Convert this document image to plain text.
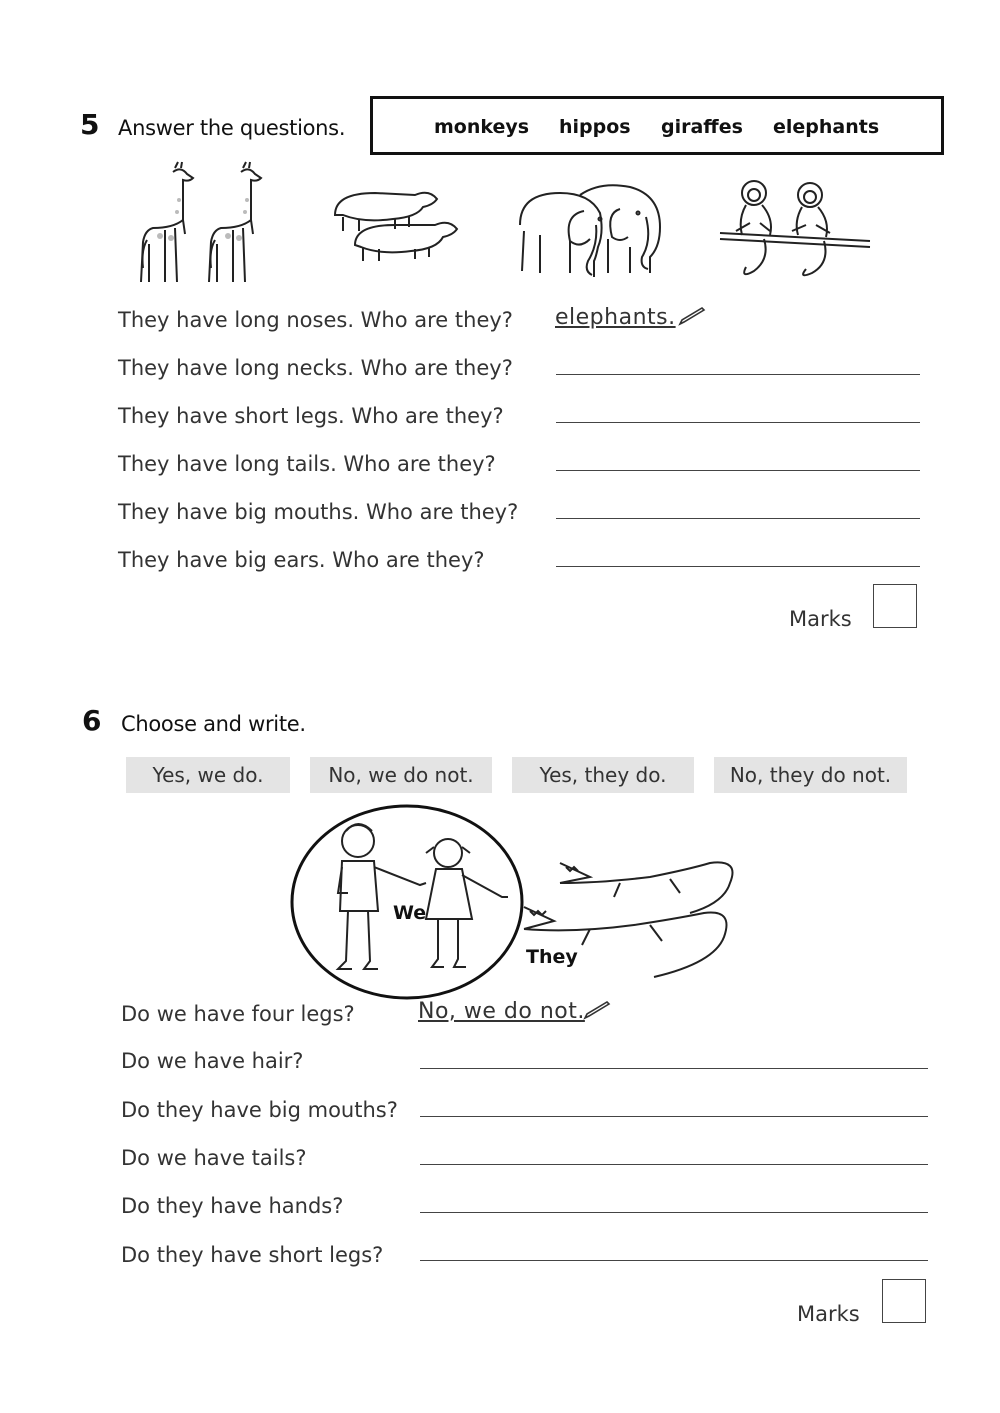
5 Answer the questions.	monkeys hippos giraffes elephants
They have long noses. Who are they? elephants.
They have long necks. Who are they?
They have short legs. Who are they?
They have long tails. Who are they?
They have big mouths. Who are they?
They have big ears. Who are they?
Marks
6 Choose and write.
Yes, we do.	No, we do not.	Yes, they do.	No, they do not.
We
They
Do we have four legs?	No, we do not.
Do we have hair?
Do they have big mouths?
Do we have tails?
Do they have hands?
Do they have short legs?
Marks
